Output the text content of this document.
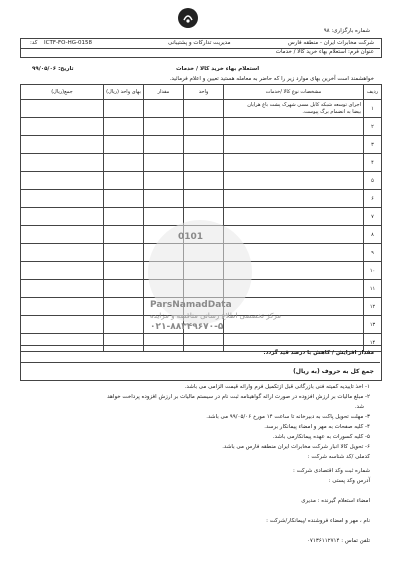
شماره بارگزاری: ۹۸
شرکت مخابرات ایران - منطقه فارس
مدیریت تدارکات و پشتیبانی
ICTF-FO-HG-0158
کد:
عنوان فرم: استعلام بهاء خرید کالا / خدمات
استعلام بهاء خرید کالا / خدمات
تاریخ: ۹۹/۰۵/۰۶
خواهشمند است آخرین بهای موارد زیر را که حاضر به معامله هستید تعیین و اعلام فرمائید.
ردیف	مشخصات نوع کالا /خدمات	واحد	مقدار	بهای واحد (ریال)	جمع(ریال)
۱	اجرای توسعه شبکه کابل مسی شهرک پشت باغ هرایان
بیضا به انضمام برگ پیوست.				

۲	

۳	

۴	

۵	

۶	

۷	

۸	

۹	

۱۰	

۱۱	

۱۲	

۱۳	

۱۴	

0101
ParsNamadData
مرکز تخصصی اطلاع رسانی مناقصه و مزایده
۰۲۱-۸۸۳۴۹۶۷۰-۵
مقدار افزایش / کاهش با درصد قید گردد:
جمع کل به حروف (به ریال)
۱- اخذ تاییدیه کمیته فنی بازرگانی قبل ازتکمیل فرم وارائه قیمت الزامی می باشد.
۲- مبلغ مالیات بر ارزش افزوده در صورت ارائه گواهینامه ثبت نام در سیستم مالیات بر ارزش افزوده پرداخت خواهد
شد.
۳- مهلت تحویل پاکت به دبیرخانه تا ساعت ۱۴ مورخ ۹۹/۰۵/۰۶ می باشد.
۴- کلیه صفحات به مهر و امضاء پیمانکار برسد.
۵- کلیه کسورات به عهده پیمانکارمی باشد.
۶- تحویل کالا انبار شرکت مخابرات ایران منطقه فارس می باشد.
کدملی /کد شناسه شرکت :
شماره ثبت وکد اقتصادی شرکت :
آدرس وکد پستی :
امضاء استعلام گیرنده : مدیری
نام ، مهر و امضاء فروشنده /پیمانکار/شرکت :
تلفن تماس : ۰۷۱۳۶۱۱۲۷۱۴
